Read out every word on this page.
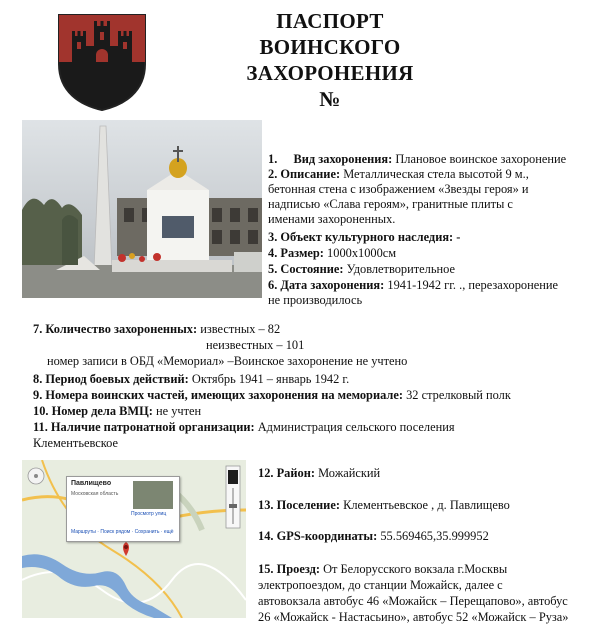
ПАСПОРТ
ВОИНСКОГО ЗАХОРОНЕНИЯ
№
1. Вид захоронения: Плановое воинское захоронение
2. Описание: Металлическая стела высотой 9 м.,
бетонная стена с изображением «Звезды героя» и
надписью «Слава героям», гранитные плиты с
именами захороненных.
3. Объект культурного наследия: -
4. Размер: 1000х1000см
5. Состояние: Удовлетворительное
6. Дата захоронения: 1941-1942 гг. ., перезахоронение
не производилось
7. Количество захороненных: известных – 82
неизвестных – 101
номер записи в ОБД «Мемориал» –Воинское захоронение не учтено
8. Период боевых действий: Октябрь 1941 – январь 1942 г.
9. Номера воинских частей, имеющих захоронения на мемориале: 32 стрелковый полк
10. Номер дела ВМЦ: не учтен
11. Наличие патронатной организации: Администрация сельского поселения
Клементьевское
Павлищево
Московская область
Просмотр улиц
Маршруты · Поиск рядом · Сохранить · ещё
12. Район: Можайский
13. Поселение: Клементьевское , д. Павлищево
14. GPS-координаты: 55.569465,35.999952
15. Проезд: От Белорусского вокзала г.Москвы
электропоездом, до станции Можайск, далее с
автовокзала автобус 46 «Можайск – Перещапово», автобус
26 «Можайск - Настасьино», автобус 52 «Можайск – Руза»
